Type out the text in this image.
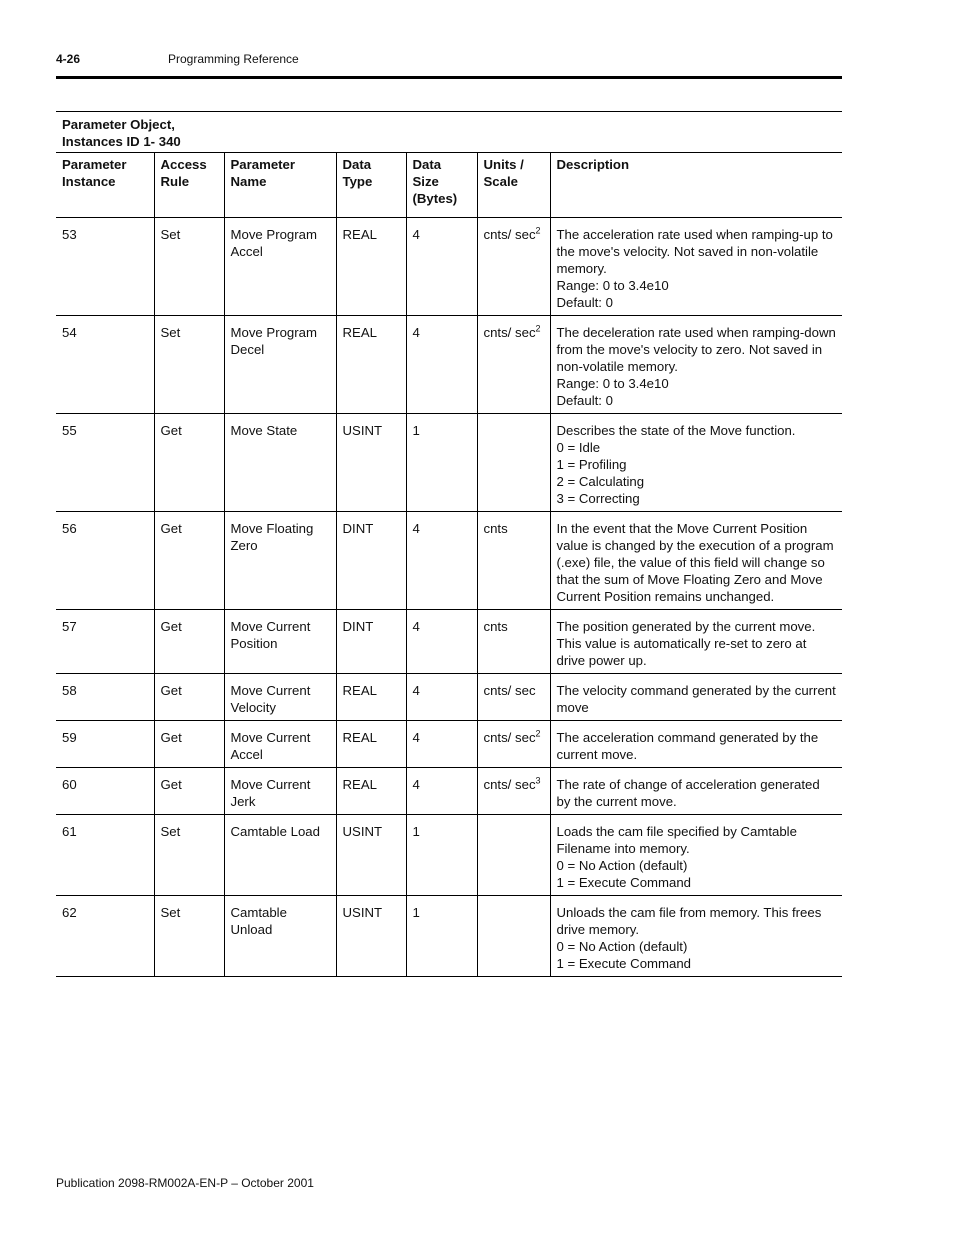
4-26	Programming Reference
Parameter Object,
Instances ID 1- 340						

Parameter Instance	Access Rule	Parameter Name	Data Type	Data Size (Bytes)	Units / Scale	Description
53	Set	Move Program Accel	REAL	4	cnts/ $\sec^2$	The acceleration rate used when ramping-up to the move's velocity. Not saved in non-volatile memory.
Range: 0 to 3.4e10
Default: 0

54	Set	Move Program Decel	REAL	4	cnts/ $\sec^2$	The deceleration rate used when ramping-down from the move's velocity to zero. Not saved in non-volatile memory.
Range: 0 to 3.4e10
Default: 0

55	Get	Move State	USINT	1		Describes the state of the Move function.
0 = Idle
1 = Profiling
2 = Calculating
3 = Correcting

56	Get	Move Floating Zero	DINT	4	cnts	In the event that the Move Current Position value is changed by the execution of a program (.exe) file, the value of this field will change so that the sum of Move Floating Zero and Move Current Position remains unchanged.

57	Get	Move Current Position	DINT	4	cnts	The position generated by the current move. This value is automatically re-set to zero at drive power up.

58	Get	Move Current Velocity	REAL	4	cnts/ sec	The velocity command generated by the current move

59	Get	Move Current Accel	REAL	4	cnts/ $\sec^2$	The acceleration command generated by the current move.

60	Get	Move Current Jerk	REAL	4	cnts/ $\sec^3$	The rate of change of acceleration generated by the current move.

61	Set	Camtable Load	USINT	1		Loads the cam file specified by Camtable Filename into memory.
0 = No Action (default)
1 = Execute Command

62	Set	Camtable Unload	USINT	1		Unloads the cam file from memory. This frees drive memory.
0 = No Action (default)
1 = Execute Command
Publication 2098-RM002A-EN-P – October 2001
